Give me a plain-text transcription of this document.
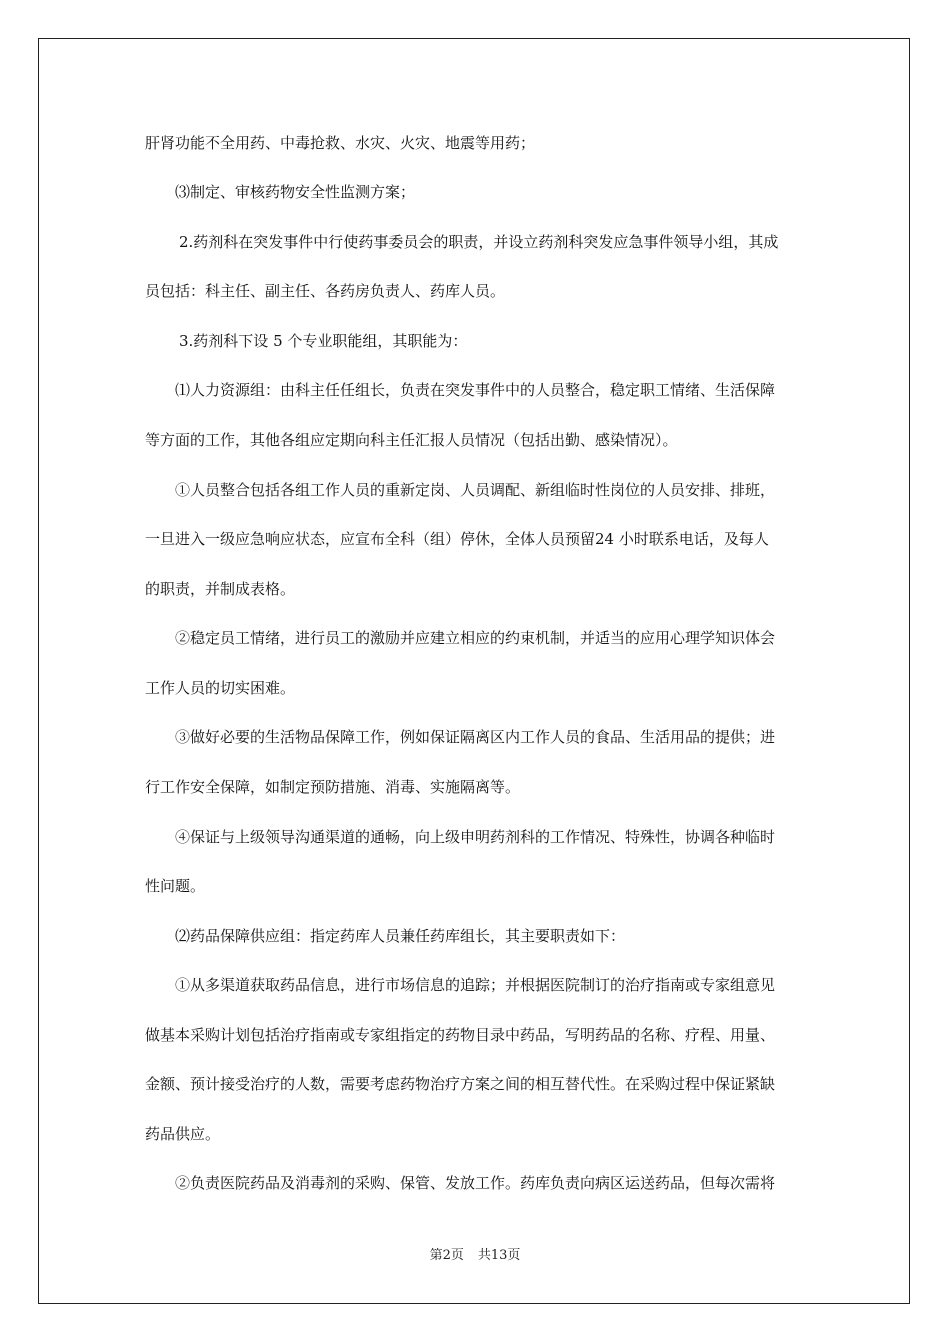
肝肾功能不全用药、中毒抢救、水灾、火灾、地震等用药；
⑶制定、审核药物安全性监测方案；
2.药剂科在突发事件中行使药事委员会的职责，并设立药剂科突发应急事件领导小组，其成
员包括：科主任、副主任、各药房负责人、药库人员。
3.药剂科下设 5 个专业职能组，其职能为：
⑴人力资源组：由科主任任组长，负责在突发事件中的人员整合，稳定职工情绪、生活保障
等方面的工作，其他各组应定期向科主任汇报人员情况（包括出勤、感染情况）。
①人员整合包括各组工作人员的重新定岗、人员调配、新组临时性岗位的人员安排、排班，
一旦进入一级应急响应状态，应宣布全科（组）停休，全体人员预留24 小时联系电话，及每人
的职责，并制成表格。
②稳定员工情绪，进行员工的激励并应建立相应的约束机制，并适当的应用心理学知识体会
工作人员的切实困难。
③做好必要的生活物品保障工作，例如保证隔离区内工作人员的食品、生活用品的提供；进
行工作安全保障，如制定预防措施、消毒、实施隔离等。
④保证与上级领导沟通渠道的通畅，向上级申明药剂科的工作情况、特殊性，协调各种临时
性问题。
⑵药品保障供应组：指定药库人员兼任药库组长，其主要职责如下：
①从多渠道获取药品信息，进行市场信息的追踪；并根据医院制订的治疗指南或专家组意见
做基本采购计划包括治疗指南或专家组指定的药物目录中药品，写明药品的名称、疗程、用量、
金额、预计接受治疗的人数，需要考虑药物治疗方案之间的相互替代性。在采购过程中保证紧缺
药品供应。
②负责医院药品及消毒剂的采购、保管、发放工作。药库负责向病区运送药品，但每次需将
第2页 共13页
